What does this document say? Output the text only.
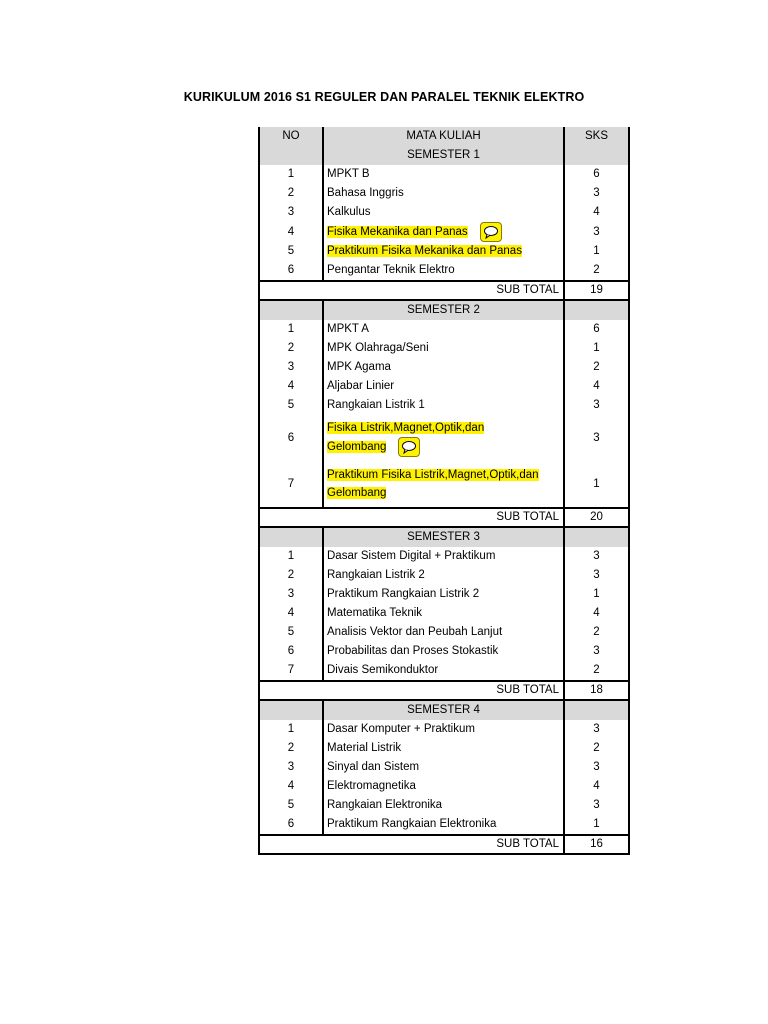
KURIKULUM 2016 S1 REGULER DAN PARALEL TEKNIK ELEKTRO
NO	MATA KULIAH	SKS
	SEMESTER 1	
1	MPKT B	6
2	Bahasa Inggris	3
3	Kalkulus	4
4	Fisika Mekanika dan Panas	3
5	Praktikum Fisika Mekanika dan Panas	1
6	Pengantar Teknik Elektro	2
SUB TOTAL		19
	SEMESTER 2	
1	MPKT A	6
2	MPK Olahraga/Seni	1
3	MPK Agama	2
4	Aljabar Linier	4
5	Rangkaian Listrik 1	3
6	Fisika Listrik,Magnet,Optik,dan
Gelombang	3
7	Praktikum Fisika Listrik,Magnet,Optik,dan
Gelombang	1
SUB TOTAL		20
	SEMESTER 3	
1	Dasar Sistem Digital + Praktikum	3
2	Rangkaian Listrik 2	3
3	Praktikum Rangkaian Listrik 2	1
4	Matematika Teknik	4
5	Analisis Vektor dan Peubah Lanjut	2
6	Probabilitas dan Proses Stokastik	3
7	Divais Semikonduktor	2
SUB TOTAL		18
	SEMESTER 4	
1	Dasar Komputer + Praktikum	3
2	Material Listrik	2
3	Sinyal dan Sistem	3
4	Elektromagnetika	4
5	Rangkaian Elektronika	3
6	Praktikum Rangkaian Elektronika	1
SUB TOTAL		16
